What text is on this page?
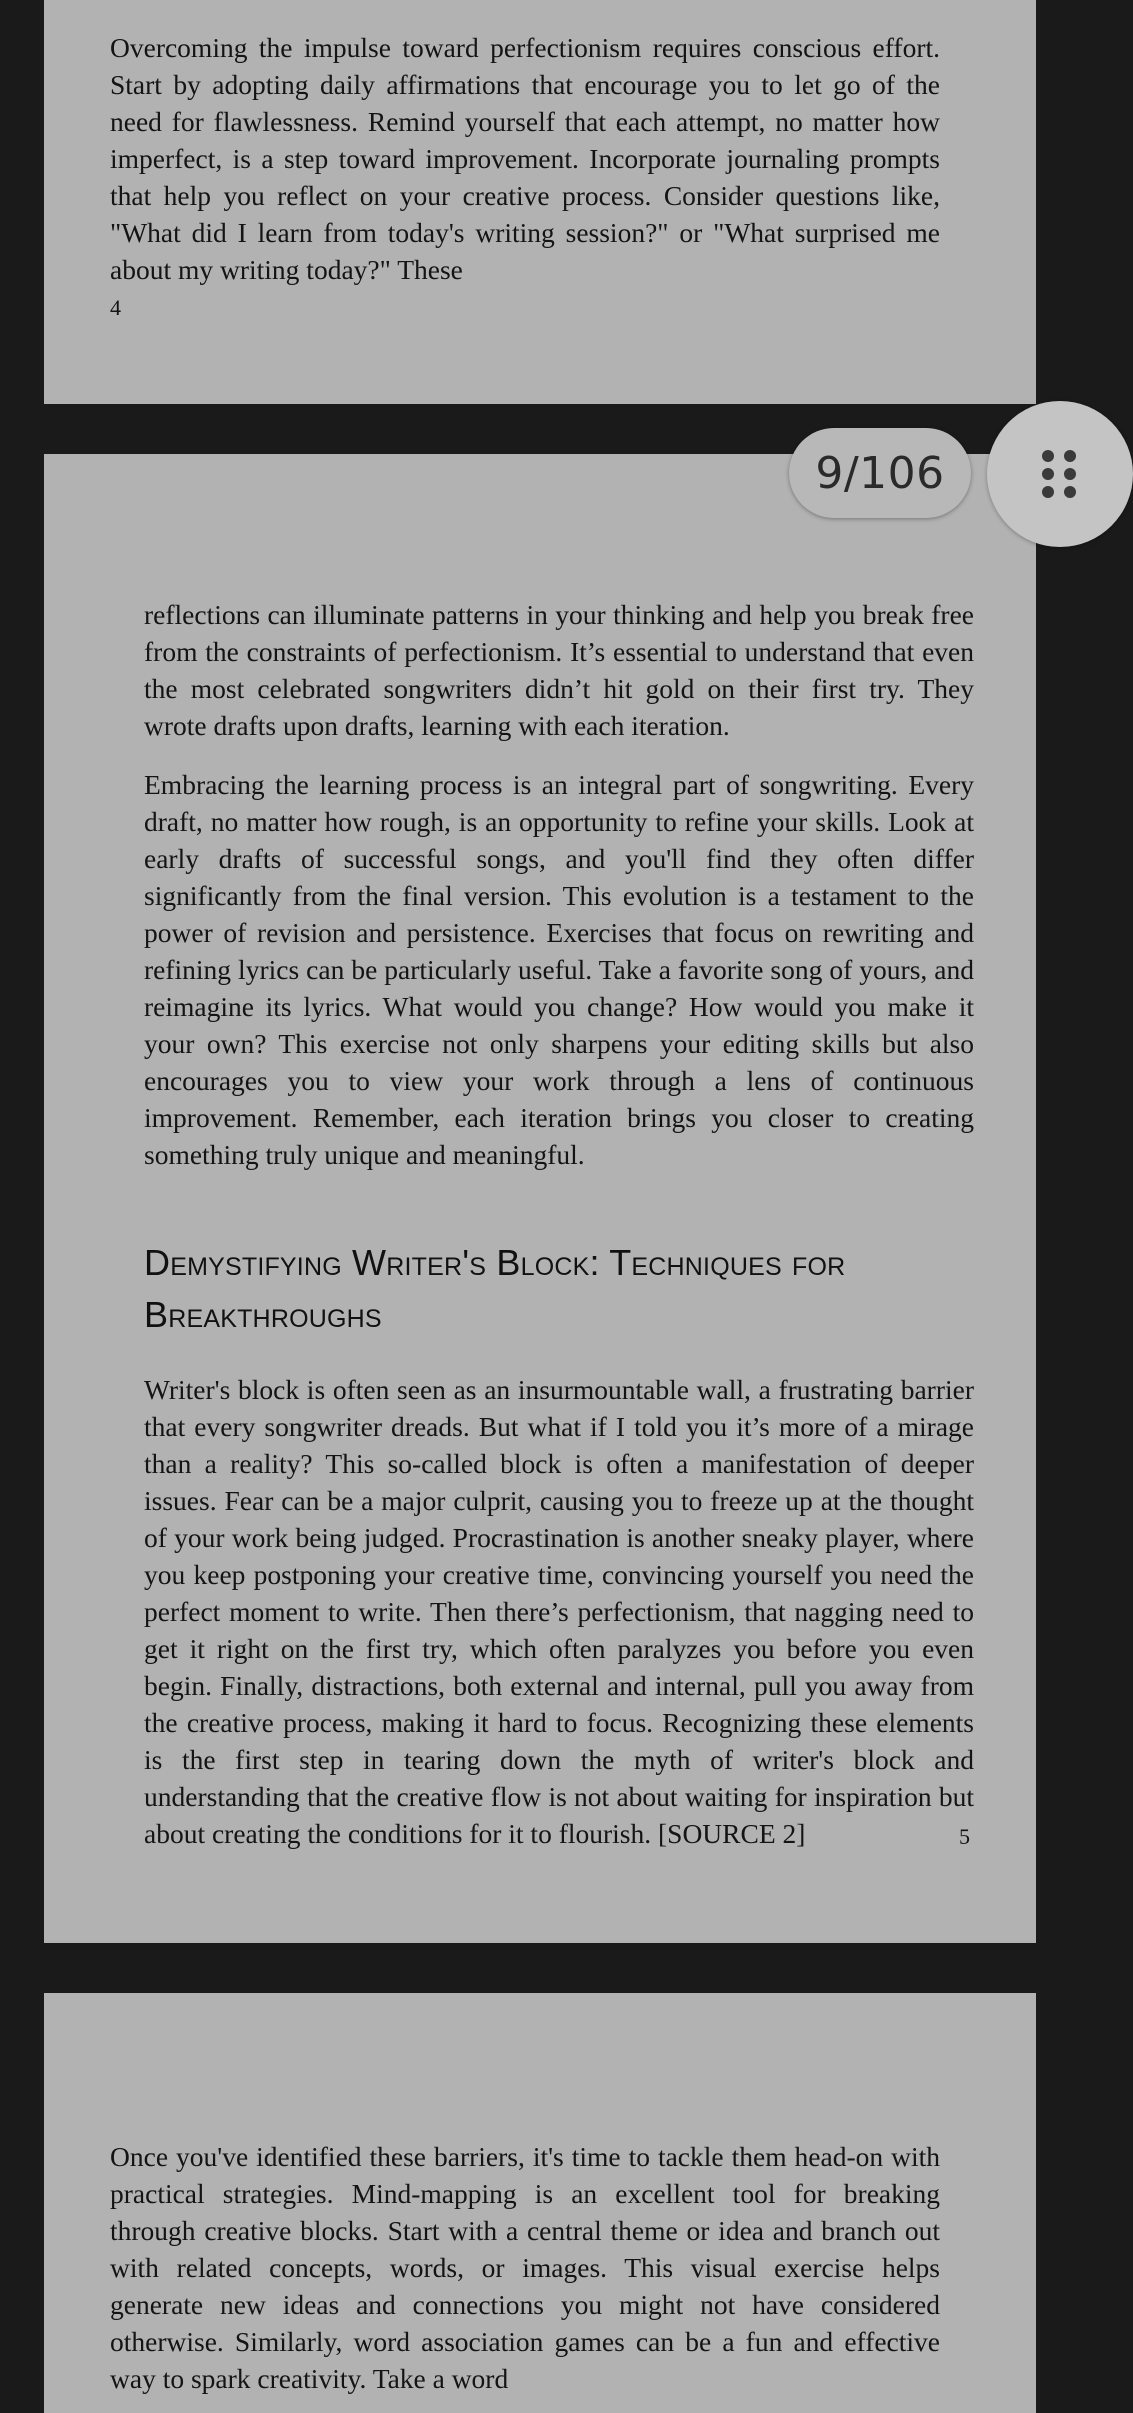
Overcoming the impulse toward perfectionism requires conscious effort. Start by adopting daily affirmations that encourage you to let go of the need for flawlessness. Remind yourself that each attempt, no matter how imperfect, is a step toward improvement. Incorporate journaling prompts that help you reflect on your creative process. Consider questions like, "What did I learn from today's writing session?" or "What surprised me about my writing today?" These

4

reflections can illuminate patterns in your thinking and help you break free from the constraints of perfectionism. It’s essential to understand that even the most celebrated songwriters didn’t hit gold on their first try. They wrote drafts upon drafts, learning with each iteration.

Embracing the learning process is an integral part of songwriting. Every draft, no matter how rough, is an opportunity to refine your skills. Look at early drafts of successful songs, and you'll find they often differ significantly from the final version. This evolution is a testament to the power of revision and persistence. Exercises that focus on rewriting and refining lyrics can be particularly useful. Take a favorite song of yours, and reimagine its lyrics. What would you change? How would you make it your own? This exercise not only sharpens your editing skills but also encourages you to view your work through a lens of continuous improvement. Remember, each iteration brings you closer to creating something truly unique and meaningful.

Demystifying Writer's Block: Techniques for Breakthroughs

Writer's block is often seen as an insurmountable wall, a frustrating barrier that every songwriter dreads. But what if I told you it’s more of a mirage than a reality? This so-called block is often a manifestation of deeper issues. Fear can be a major culprit, causing you to freeze up at the thought of your work being judged. Procrastination is another sneaky player, where you keep postponing your creative time, convincing yourself you need the perfect moment to write. Then there’s perfectionism, that nagging need to get it right on the first try, which often paralyzes you before you even begin. Finally, distractions, both external and internal, pull you away from the creative process, making it hard to focus. Recognizing these elements is the first step in tearing down the myth of writer's block and understanding that the creative flow is not about waiting for inspiration but about creating the conditions for it to flourish. [SOURCE 2]	5

Once you've identified these barriers, it's time to tackle them head-on with practical strategies. Mind-mapping is an excellent tool for breaking through creative blocks. Start with a central theme or idea and branch out with related concepts, words, or images. This visual exercise helps generate new ideas and connections you might not have considered otherwise. Similarly, word association games can be a fun and effective way to spark creativity. Take a word

9/106
